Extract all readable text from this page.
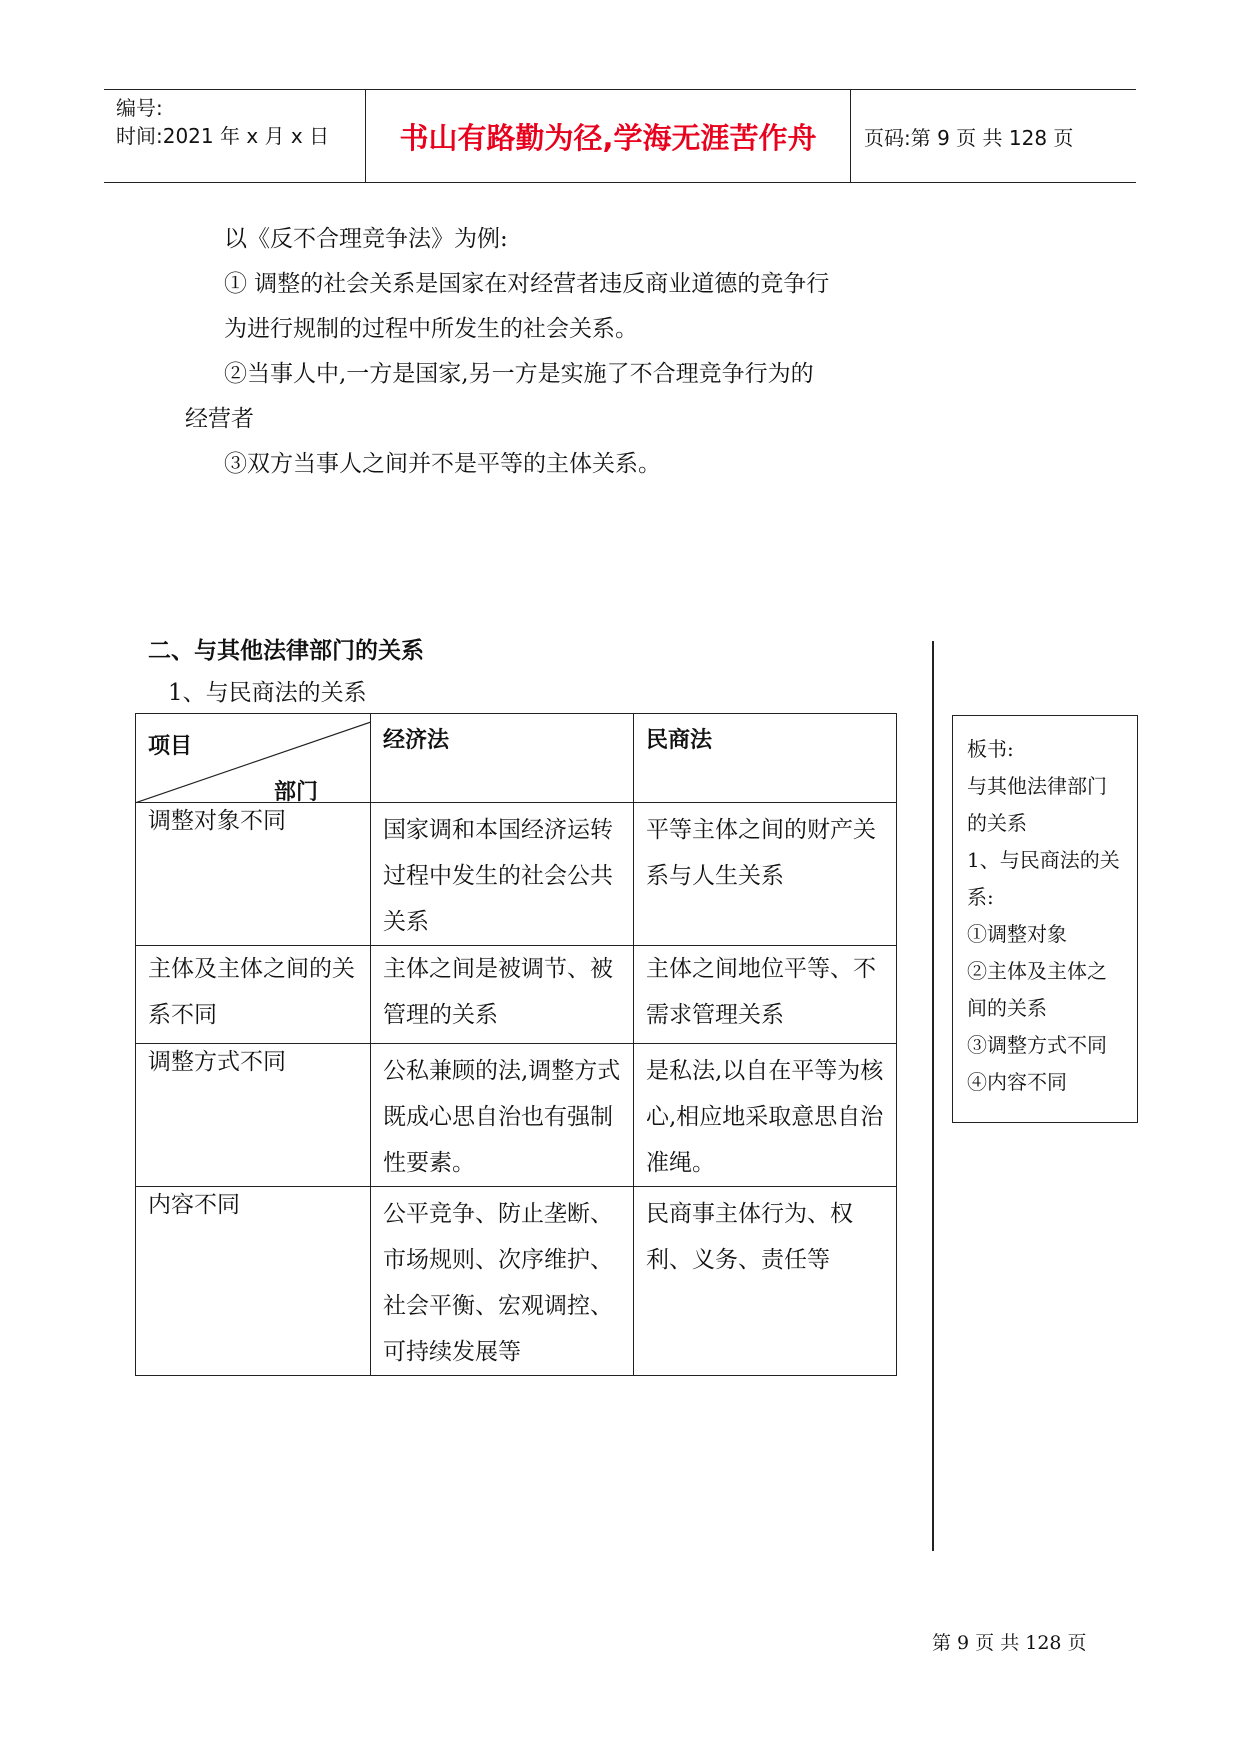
编号:
时间:2021 年 x 月 x 日	书山有路勤为径,学海无涯苦作舟	页码:第 9 页 共 128 页
以《反不合理竞争法》为例:
① 调整的社会关系是国家在对经营者违反商业道德的竞争行
为进行规制的过程中所发生的社会关系。
②当事人中,一方是国家,另一方是实施了不合理竞争行为的
经营者
③双方当事人之间并不是平等的主体关系。
二、与其他法律部门的关系
1、与民商法的关系
项目
部门	经济法	民商法
调整对象不同	国家调和本国经济运转过程中发生的社会公共关系	平等主体之间的财产关系与人生关系
主体及主体之间的关系不同	主体之间是被调节、被管理的关系	主体之间地位平等、不需求管理关系
调整方式不同	公私兼顾的法,调整方式既成心思自治也有强制性要素。	是私法,以自在平等为核心,相应地采取意思自治准绳。
内容不同	公平竞争、防止垄断、市场规则、次序维护、社会平衡、宏观调控、可持续发展等	民商事主体行为、权利、义务、责任等
板书:
与其他法律部门
的关系
1、与民商法的关
系:
①调整对象
②主体及主体之
间的关系
③调整方式不同
④内容不同
第 9 页 共 128 页
